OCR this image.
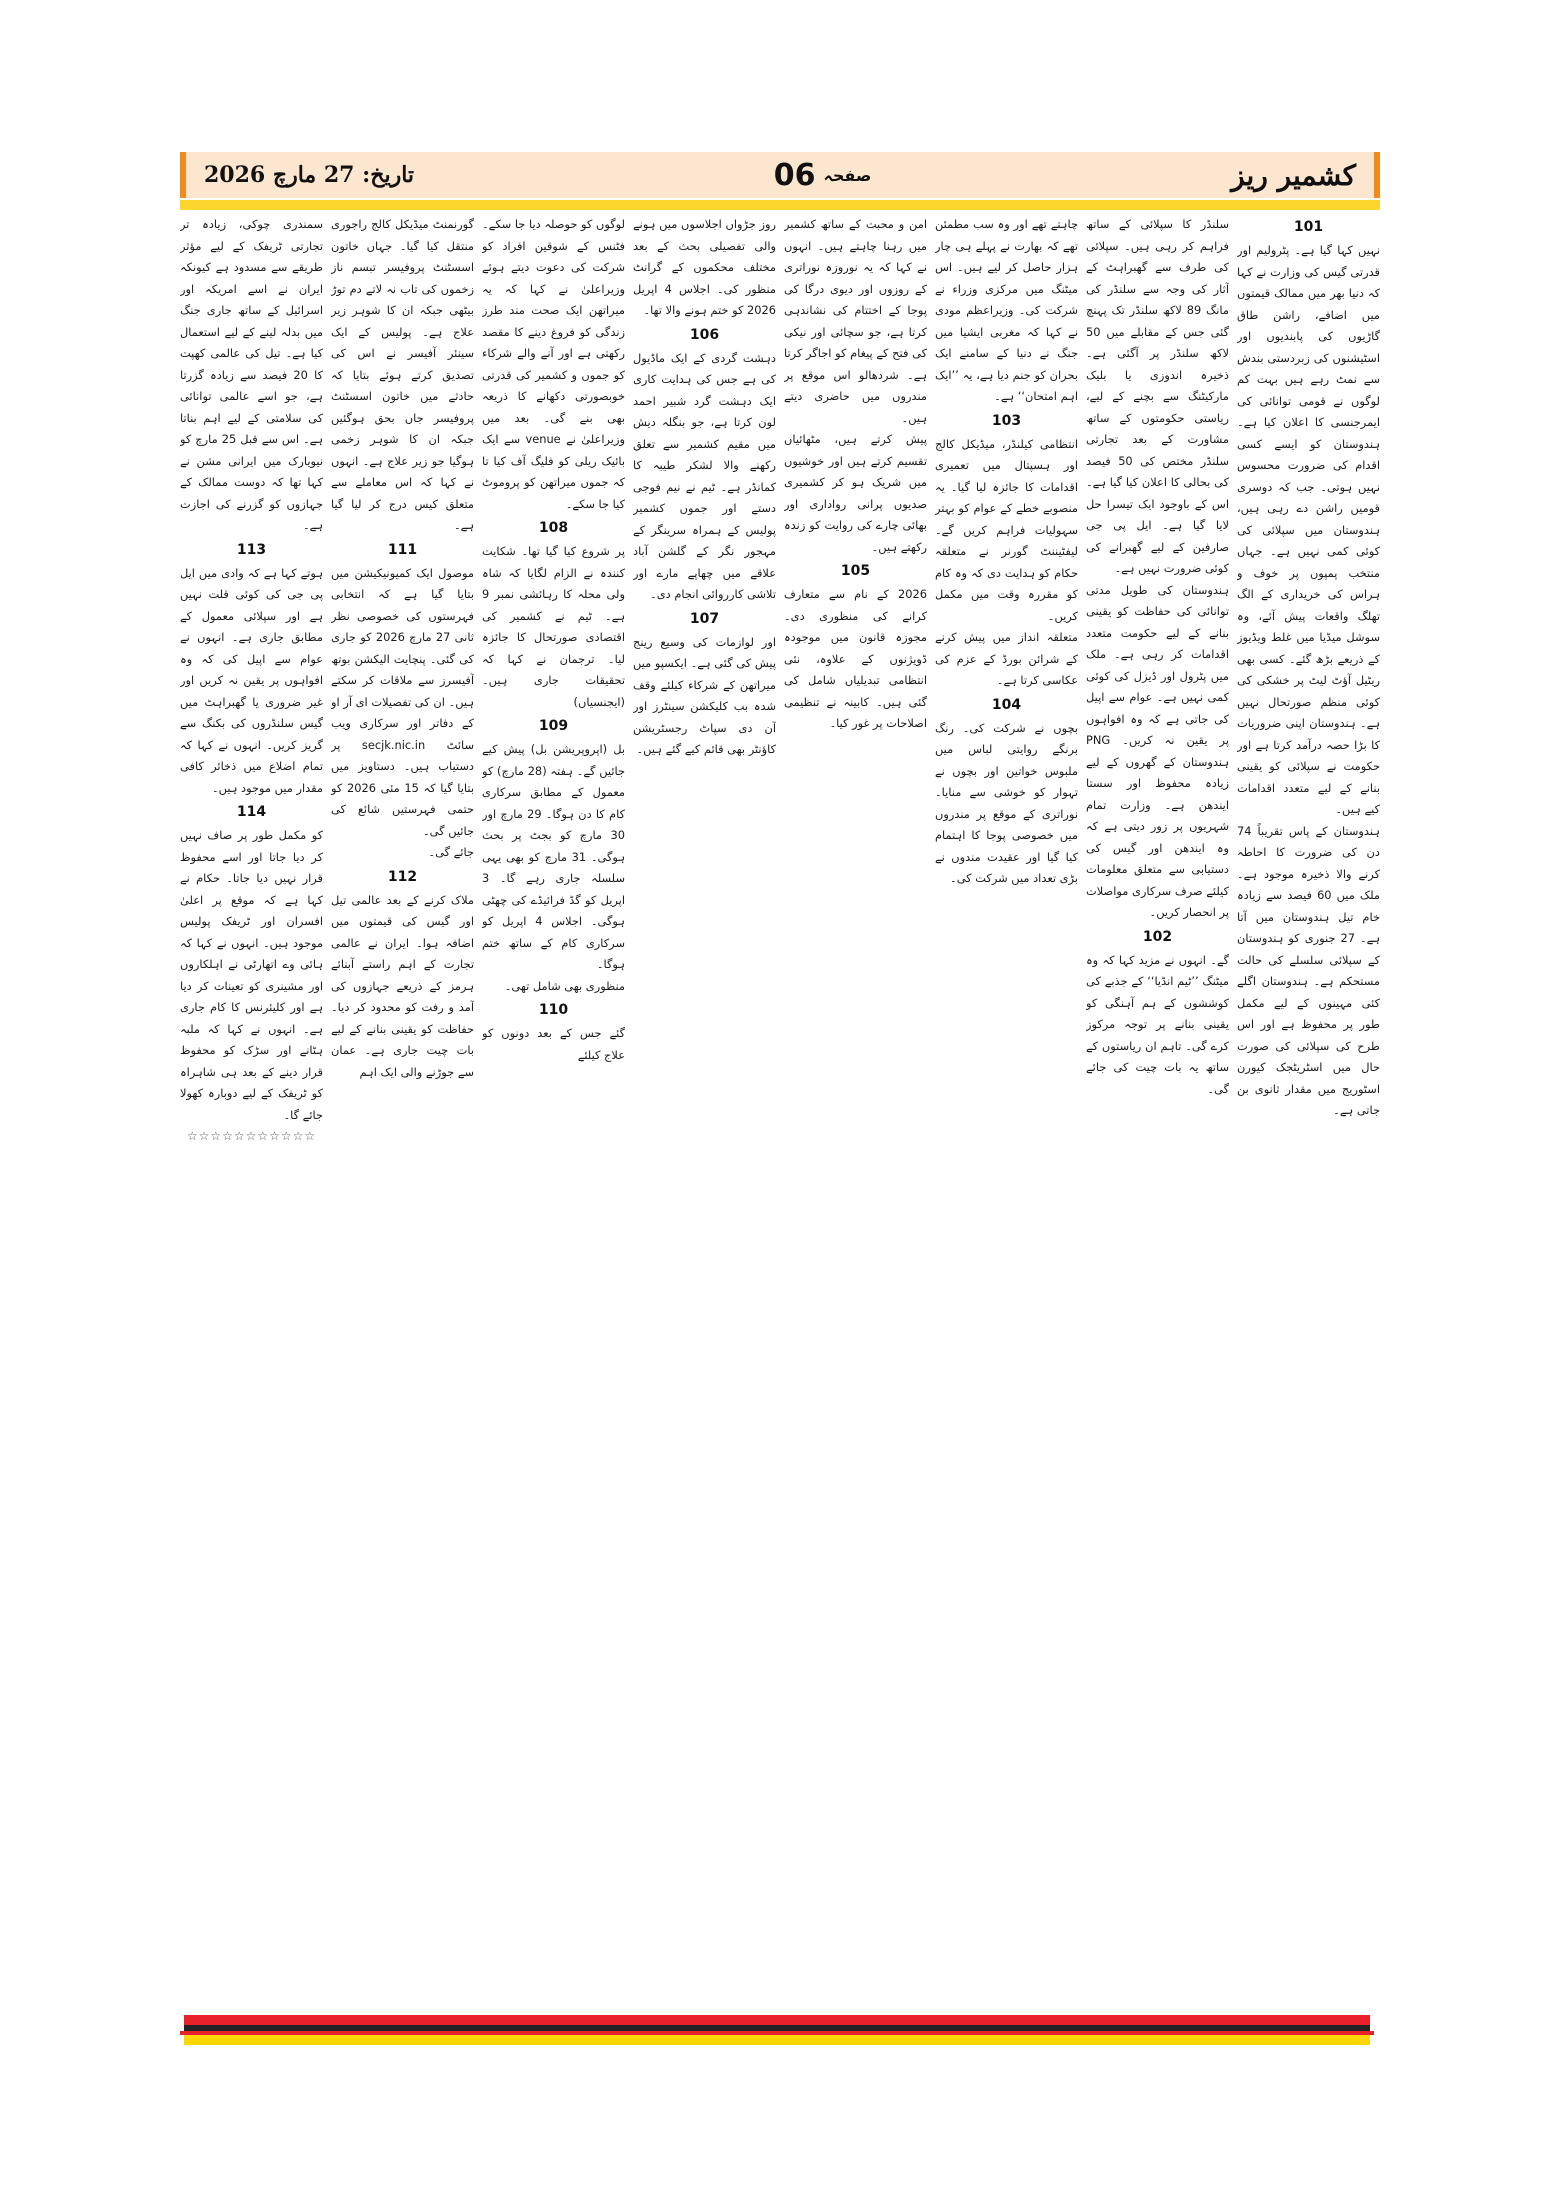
تاریخ: 27 مارچ 2026	06 صفحہ	کشمیر ریز
101
نہیں کہا گیا ہے۔ پٹرولیم اور قدرتی گیس کی وزارت نے کہا کہ دنیا بھر میں ممالک قیمتوں میں اضافے، راشن طاق گاڑیوں کی پابندیوں اور اسٹیشنوں کی زبردستی بندش سے نمٹ رہے ہیں بہت کم لوگوں نے قومی توانائی کی ایمرجنسی کا اعلان کیا ہے۔ ہندوستان کو ایسے کسی اقدام کی ضرورت محسوس نہیں ہوتی۔ جب کہ دوسری قومیں راشن دے رہی ہیں، ہندوستان میں سپلائی کی کوئی کمی نہیں ہے۔ جہاں منتخب پمپوں پر خوف و ہراس کی خریداری کے الگ تھلگ واقعات پیش آئے، وہ سوشل میڈیا میں غلط ویڈیوز کے ذریعے بڑھ گئے۔ کسی بھی ریٹیل آؤٹ لیٹ پر خشکی کی کوئی منظم صورتحال نہیں ہے۔ ہندوستان اپنی ضروریات کا بڑا حصہ درآمد کرتا ہے اور حکومت نے سپلائی کو یقینی بنانے کے لیے متعدد اقدامات کیے ہیں۔
ہندوستان کے پاس تقریباً 74 دن کی ضرورت کا احاطہ کرنے والا ذخیرہ موجود ہے۔ ملک میں 60 فیصد سے زیادہ خام تیل ہندوستان میں آتا ہے۔ 27 جنوری کو ہندوستان کے سپلائی سلسلے کی حالت مستحکم ہے۔ ہندوستان اگلے کئی مہینوں کے لیے مکمل طور پر محفوظ ہے اور اس طرح کی سپلائی کی صورت حال میں اسٹریٹجک کیورن اسٹوریج میں مقدار ثانوی بن جاتی ہے۔
سلنڈر کا سپلائی کے ساتھ فراہم کر رہی ہیں۔ سپلائی کی طرف سے گھبراہٹ کے آثار کی وجہ سے سلنڈر کی مانگ 89 لاکھ سلنڈر تک پہنچ گئی جس کے مقابلے میں 50 لاکھ سلنڈر پر آگئی ہے۔ ذخیرہ اندوزی یا بلیک مارکیٹنگ سے بچنے کے لیے، ریاستی حکومتوں کے ساتھ مشاورت کے بعد تجارتی سلنڈر مختص کی 50 فیصد کی بحالی کا اعلان کیا گیا ہے۔ اس کے باوجود ایک تیسرا حل لایا گیا ہے۔ ایل پی جی صارفین کے لیے گھبرانے کی کوئی ضرورت نہیں ہے۔
ہندوستان کی طویل مدتی توانائی کی حفاظت کو یقینی بنانے کے لیے حکومت متعدد اقدامات کر رہی ہے۔ ملک میں پٹرول اور ڈیزل کی کوئی کمی نہیں ہے۔ عوام سے اپیل کی جاتی ہے کہ وہ افواہوں پر یقین نہ کریں۔ PNG ہندوستان کے گھروں کے لیے زیادہ محفوظ اور سستا ایندھن ہے۔ وزارت تمام شہریوں پر زور دیتی ہے کہ وہ ایندھن اور گیس کی دستیابی سے متعلق معلومات کیلئے صرف سرکاری مواصلات پر انحصار کریں۔
102
گے۔ انہوں نے مزید کہا کہ وہ میٹنگ ’’ٹیم انڈیا‘‘ کے جذبے کی کوششوں کے ہم آہنگی کو یقینی بنانے پر توجہ مرکوز کرے گی۔ تاہم ان ریاستوں کے ساتھ یہ بات چیت کی جائے گی۔
چاہتے تھے اور وہ سب مطمئن تھے کہ بھارت نے پہلے ہی چار ہزار حاصل کر لیے ہیں۔ اس میٹنگ میں مرکزی وزراء نے شرکت کی۔ وزیراعظم مودی نے کہا کہ مغربی ایشیا میں جنگ نے دنیا کے سامنے ایک بحران کو جنم دیا ہے، یہ ’’ایک اہم امتحان‘‘ ہے۔
103
انتظامی کیلنڈر، میڈیکل کالج اور ہسپتال میں تعمیری اقدامات کا جائزہ لیا گیا۔ یہ منصوبے خطے کے عوام کو بہتر سہولیات فراہم کریں گے۔ لیفٹیننٹ گورنر نے متعلقہ حکام کو ہدایت دی کہ وہ کام کو مقررہ وقت میں مکمل کریں۔
متعلقہ انداز میں پیش کرنے کے شرائن بورڈ کے عزم کی عکاسی کرتا ہے۔
104
بچوں نے شرکت کی۔ رنگ برنگے روایتی لباس میں ملبوس خواتین اور بچوں نے تہوار کو خوشی سے منایا۔ نوراتری کے موقع پر مندروں میں خصوصی پوجا کا اہتمام کیا گیا اور عقیدت مندوں نے بڑی تعداد میں شرکت کی۔
امن و محبت کے ساتھ کشمیر میں رہنا چاہتے ہیں۔ انہوں نے کہا کہ یہ نوروزہ نوراتری کے روزوں اور دیوی درگا کی پوجا کے اختتام کی نشاندہی کرتا ہے، جو سچائی اور نیکی کی فتح کے پیغام کو اجاگر کرتا ہے۔ شردھالو اس موقع پر مندروں میں حاضری دیتے ہیں۔
پیش کرتے ہیں، مٹھائیاں تقسیم کرتے ہیں اور خوشیوں میں شریک ہو کر کشمیری صدیوں پرانی رواداری اور بھائی چارے کی روایت کو زندہ رکھتے ہیں۔
105
2026 کے نام سے متعارف کرانے کی منظوری دی۔ مجوزہ قانون میں موجودہ ڈویژنوں کے علاوہ، نئی انتظامی تبدیلیاں شامل کی گئی ہیں۔ کابینہ نے تنظیمی اصلاحات پر غور کیا۔
روز جڑواں اجلاسوں میں ہونے والی تفصیلی بحث کے بعد مختلف محکموں کے گرانٹ منظور کی۔ اجلاس 4 اپریل 2026 کو ختم ہونے والا تھا۔
106
دہشت گردی کے ایک ماڈیول کی ہے جس کی ہدایت کاری ایک دہشت گرد شبیر احمد لون کرتا ہے، جو بنگلہ دیش میں مقیم کشمیر سے تعلق رکھنے والا لشکر طیبہ کا کمانڈر ہے۔ ٹیم نے نیم فوجی دستے اور جموں کشمیر پولیس کے ہمراہ سرینگر کے مہجور نگر کے گلشن آباد علاقے میں چھاپے مارے اور تلاشی کارروائی انجام دی۔
107
اور لوازمات کی وسیع رینج پیش کی گئی ہے۔ ایکسپو میں میراتھن کے شرکاء کیلئے وقف شدہ بب کلیکشن سینٹرز اور آن دی سپاٹ رجسٹریشن کاؤنٹر بھی قائم کیے گئے ہیں۔
لوگوں کو حوصلہ دیا جا سکے۔ فٹنس کے شوقین افراد کو شرکت کی دعوت دیتے ہوئے وزیراعلیٰ نے کہا کہ یہ میراتھن ایک صحت مند طرز زندگی کو فروغ دینے کا مقصد رکھتی ہے اور آنے والے شرکاء کو جموں و کشمیر کی قدرتی خوبصورتی دکھانے کا ذریعہ بھی بنے گی۔ بعد میں وزیراعلیٰ نے venue سے ایک بائیک ریلی کو فلیگ آف کیا تا کہ جموں میراتھن کو پروموٹ کیا جا سکے۔
108
پر شروع کیا گیا تھا۔ شکایت کنندہ نے الزام لگایا کہ شاہ ولی محلہ کا رہائشی نمبر 9 ہے۔ ٹیم نے کشمیر کی اقتصادی صورتحال کا جائزہ لیا۔ ترجمان نے کہا کہ تحقیقات جاری ہیں۔ (ایجنسیاں)
109
بل (اپروپریشن بل) پیش کیے جائیں گے۔ ہفتہ (28 مارچ) کو معمول کے مطابق سرکاری کام کا دن ہوگا۔ 29 مارچ اور 30 مارچ کو بجٹ پر بحث ہوگی۔ 31 مارچ کو بھی یہی سلسلہ جاری رہے گا۔ 3 اپریل کو گڈ فرائیڈے کی چھٹی ہوگی۔ اجلاس 4 اپریل کو سرکاری کام کے ساتھ ختم ہوگا۔
منظوری بھی شامل تھی۔
110
گئے جس کے بعد دونوں کو علاج کیلئے
گورنمنٹ میڈیکل کالج راجوری منتقل کیا گیا۔ جہاں خاتون اسسٹنٹ پروفیسر تبسم ناز زخموں کی تاب نہ لاتے دم توڑ بیٹھی جبکہ ان کا شوہر زیر علاج ہے۔ پولیس کے ایک سینئر آفیسر نے اس کی تصدیق کرتے ہوئے بتایا کہ حادثے میں خاتون اسسٹنٹ پروفیسر جاں بحق ہوگئیں جبکہ ان کا شوہر زخمی ہوگیا جو زیر علاج ہے۔ انہوں نے کہا کہ اس معاملے سے متعلق کیس درج کر لیا گیا ہے۔
111
موصول ایک کمیونیکیشن میں بتایا گیا ہے کہ انتخابی فہرستوں کی خصوصی نظر ثانی 27 مارچ 2026 کو جاری کی گئی۔ پنچایت الیکشن بوتھ آفیسرز سے ملاقات کر سکتے ہیں۔ ان کی تفصیلات ای آر او کے دفاتر اور سرکاری ویب سائٹ secjk.nic.in پر دستیاب ہیں۔ دستاویز میں بتایا گیا کہ 15 مئی 2026 کو حتمی فہرستیں شائع کی جائیں گی۔
جائے گی۔
112
ملاک کرنے کے بعد عالمی تیل اور گیس کی قیمتوں میں اضافہ ہوا۔ ایران نے عالمی تجارت کے اہم راستے آبنائے ہرمز کے ذریعے جہازوں کی آمد و رفت کو محدود کر دیا۔ حفاظت کو یقینی بنانے کے لیے بات چیت جاری ہے۔ عمان سے جوڑنے والی ایک اہم
سمندری چوکی، زیادہ تر تجارتی ٹریفک کے لیے مؤثر طریقے سے مسدود ہے کیونکہ ایران نے اسے امریکہ اور اسرائیل کے ساتھ جاری جنگ میں بدلہ لینے کے لیے استعمال کیا ہے۔ تیل کی عالمی کھپت کا 20 فیصد سے زیادہ گزرتا ہے، جو اسے عالمی توانائی کی سلامتی کے لیے اہم بناتا ہے۔ اس سے قبل 25 مارچ کو نیویارک میں ایرانی مشن نے کہا تھا کہ دوست ممالک کے جہازوں کو گزرنے کی اجازت ہے۔
113
ہوتے کہا ہے کہ وادی میں ایل پی جی کی کوئی قلت نہیں ہے اور سپلائی معمول کے مطابق جاری ہے۔ انہوں نے عوام سے اپیل کی کہ وہ افواہوں پر یقین نہ کریں اور غیر ضروری یا گھبراہٹ میں گیس سلنڈروں کی بکنگ سے گریز کریں۔ انہوں نے کہا کہ تمام اضلاع میں ذخائر کافی مقدار میں موجود ہیں۔
114
کو مکمل طور پر صاف نہیں کر دیا جاتا اور اسے محفوظ قرار نہیں دیا جاتا۔ حکام نے کہا ہے کہ موقع پر اعلیٰ افسران اور ٹریفک پولیس موجود ہیں۔ انہوں نے کہا کہ ہائی وے اتھارٹی نے اہلکاروں اور مشینری کو تعینات کر دیا ہے اور کلیئرنس کا کام جاری ہے۔ انہوں نے کہا کہ ملبہ ہٹانے اور سڑک کو محفوظ قرار دینے کے بعد ہی شاہراہ کو ٹریفک کے لیے دوبارہ کھولا جائے گا۔
☆☆☆☆☆☆☆☆☆☆☆
